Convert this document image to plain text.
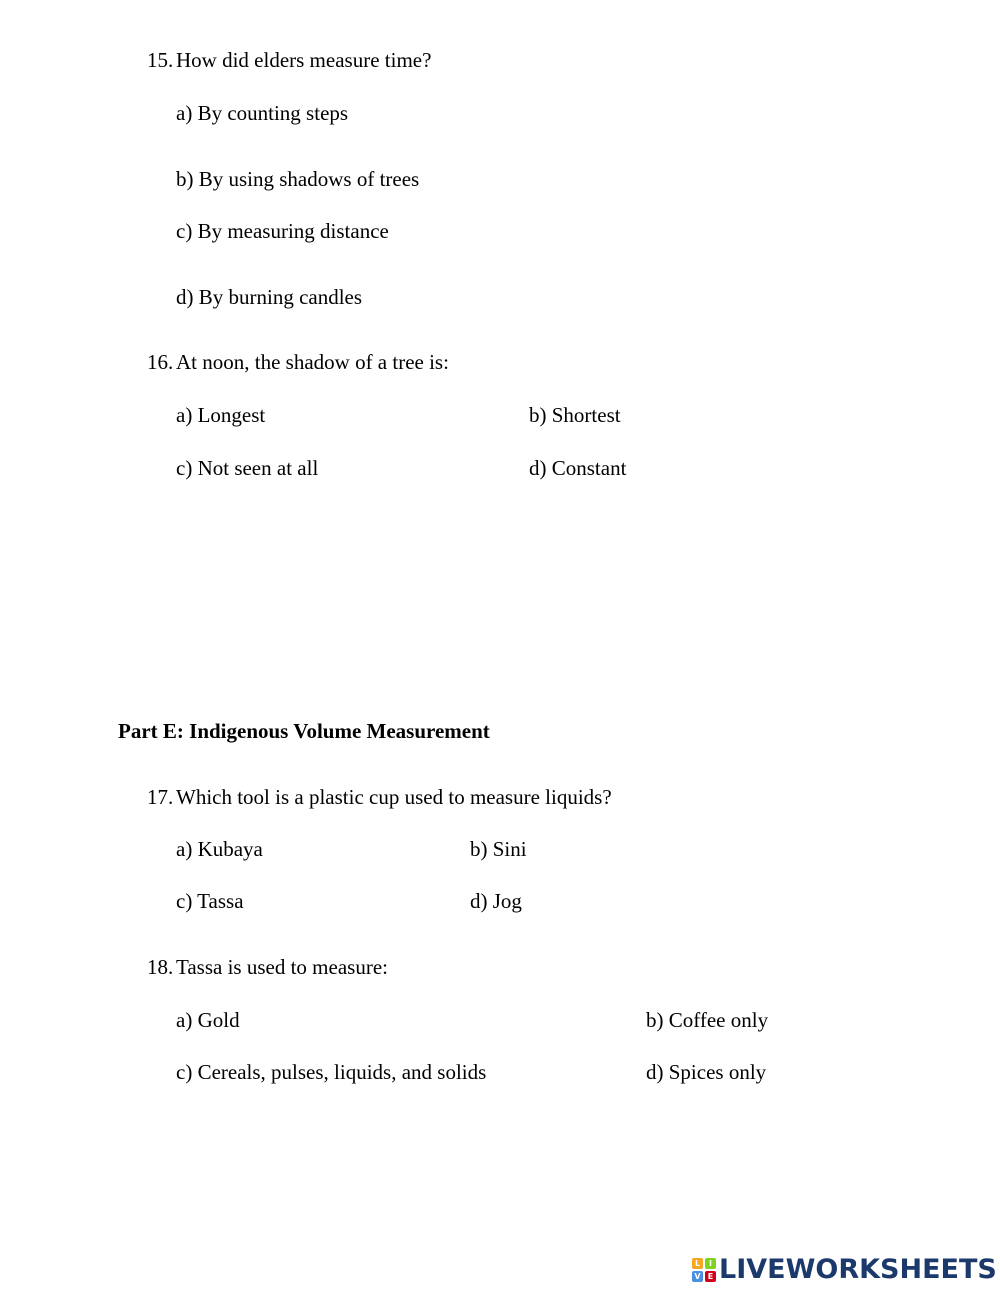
15. How did elders measure time?
a) By counting steps
b) By using shadows of trees
c) By measuring distance
d) By burning candles
16. At noon, the shadow of a tree is:
a) Longest	b) Shortest
c) Not seen at all	d) Constant
Part E: Indigenous Volume Measurement
17. Which tool is a plastic cup used to measure liquids?
a) Kubaya	b) Sini
c) Tassa	d) Jog
18. Tassa is used to measure:
a) Gold	b) Coffee only
c) Cereals, pulses, liquids, and solids	d) Spices only
L	I
V E LIVEWORKSHEETS
